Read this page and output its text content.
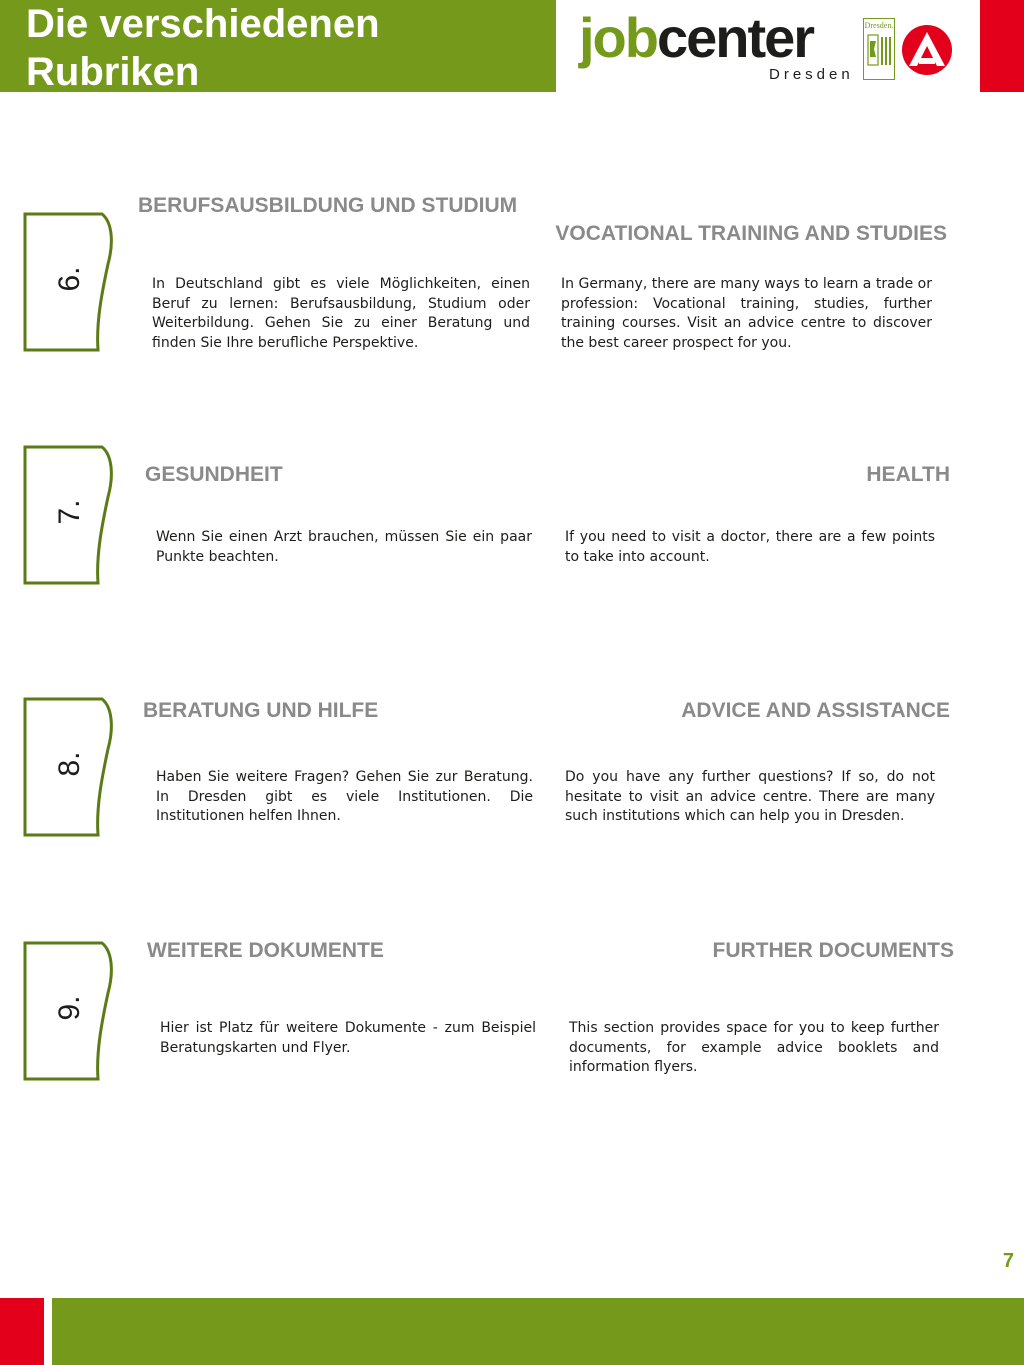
Die verschiedenen
Rubriken
jobcenter
Dresden
Dresden.
6.
BERUFSAUSBILDUNG UND STUDIUM
VOCATIONAL TRAINING AND STUDIES
In Deutschland gibt es viele Möglichkeiten, einen Beruf zu lernen: Berufsausbildung, Studium oder Weiterbildung. Gehen Sie zu einer Beratung und finden Sie Ihre berufliche Perspektive.
In Germany, there are many ways to learn a trade or profession: Vocational training, studies, further training courses. Visit an advice centre to discover the best career prospect for you.
7.
GESUNDHEIT	HEALTH
Wenn Sie einen Arzt brauchen, müssen Sie ein paar Punkte beachten.
If you need to visit a doctor, there are a few points to take into account.
8.
BERATUNG UND HILFE	ADVICE AND ASSISTANCE
Haben Sie weitere Fragen? Gehen Sie zur Beratung. In Dresden gibt es viele Institutionen. Die Institutionen helfen Ihnen.
Do you have any further questions? If so, do not hesitate to visit an advice centre. There are many such institutions which can help you in Dresden.
9.
WEITERE DOKUMENTE	FURTHER DOCUMENTS
Hier ist Platz für weitere Dokumente - zum Beispiel Beratungskarten und Flyer.
This section provides space for you to keep further documents, for example advice booklets and information flyers.
7
